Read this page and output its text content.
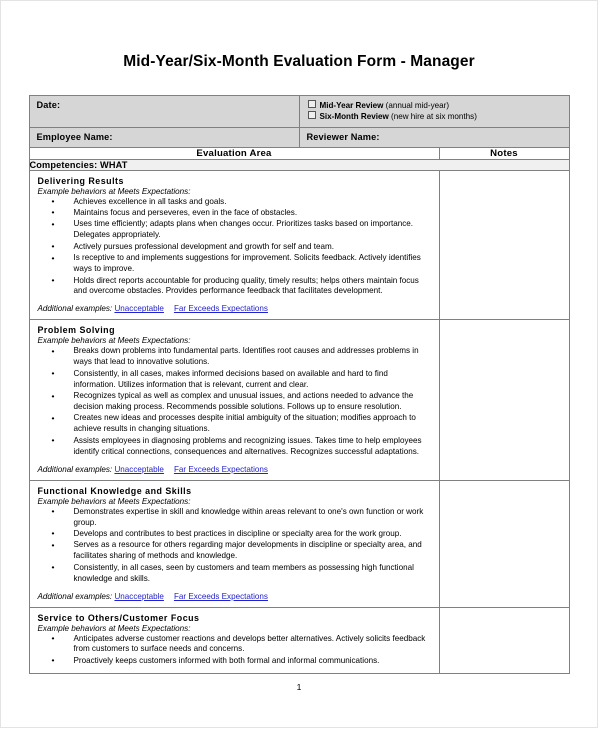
Mid-Year/Six-Month Evaluation Form - Manager
Date:	Mid-Year Review (annual mid-year)
Six-Month Review (new hire at six months)	

Employee Name:	Reviewer Name:	

Evaluation Area		Notes
Competencies: WHAT		

Delivering Results
Example behaviors at Meets Expectations:
• Achieves excellence in all tasks and goals.
• Maintains focus and perseveres, even in the face of obstacles.
• Uses time efficiently; adapts plans when changes occur. Prioritizes tasks based on importance. Delegates appropriately.
• Actively pursues professional development and growth for self and team.
• Is receptive to and implements suggestions for improvement. Solicits feedback. Actively identifies ways to improve.
• Holds direct reports accountable for producing quality, timely results; helps others maintain focus and overcome obstacles. Provides performance feedback that facilitates development.
Additional examples: Unacceptable Far Exceeds Expectations

Problem Solving
Example behaviors at Meets Expectations:
• Breaks down problems into fundamental parts. Identifies root causes and addresses problems in ways that lead to innovative solutions.
• Consistently, in all cases, makes informed decisions based on available and hard to find information. Utilizes information that is relevant, current and clear.
• Recognizes typical as well as complex and unusual issues, and actions needed to advance the decision making process. Recommends possible solutions. Follows up to ensure resolution.
• Creates new ideas and processes despite initial ambiguity of the situation; modifies approach to achieve results in changing situations.
• Assists employees in diagnosing problems and recognizing issues. Takes time to help employees identify critical connections, consequences and alternatives. Recognizes successful adaptations.
Additional examples: Unacceptable Far Exceeds Expectations

Functional Knowledge and Skills
Example behaviors at Meets Expectations:
• Demonstrates expertise in skill and knowledge within areas relevant to one's own function or work group.
• Develops and contributes to best practices in discipline or specialty area for the work group.
• Serves as a resource for others regarding major developments in discipline or specialty area, and facilitates sharing of methods and knowledge.
• Consistently, in all cases, seen by customers and team members as possessing high functional knowledge and skills.
Additional examples: Unacceptable Far Exceeds Expectations

Service to Others/Customer Focus
Example behaviors at Meets Expectations:
• Anticipates adverse customer reactions and develops better alternatives. Actively solicits feedback from customers to surface needs and concerns.
• Proactively keeps customers informed with both formal and informal communications.

1
